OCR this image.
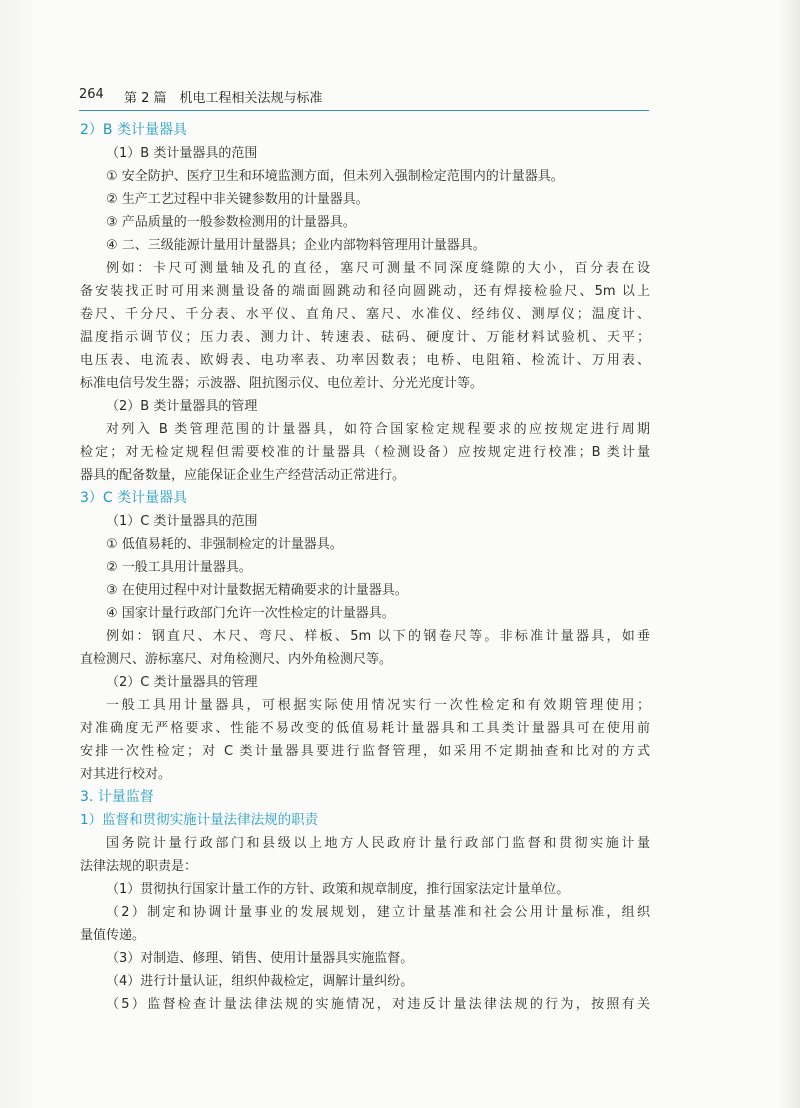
264 第 2 篇　机电工程相关法规与标准
2）B 类计量器具
（1）B 类计量器具的范围
① 安全防护、医疗卫生和环境监测方面，但未列入强制检定范围内的计量器具。
② 生产工艺过程中非关键参数用的计量器具。
③ 产品质量的一般参数检测用的计量器具。
④ 二、三级能源计量用计量器具；企业内部物料管理用计量器具。
例如：卡尺可测量轴及孔的直径，塞尺可测量不同深度缝隙的大小，百分表在设
备安装找正时可用来测量设备的端面圆跳动和径向圆跳动，还有焊接检验尺、5m 以上
卷尺、千分尺、千分表、水平仪、直角尺、塞尺、水准仪、经纬仪、测厚仪；温度计、
温度指示调节仪；压力表、测力计、转速表、砝码、硬度计、万能材料试验机、天平；
电压表、电流表、欧姆表、电功率表、功率因数表；电桥、电阻箱、检流计、万用表、
标准电信号发生器；示波器、阻抗图示仪、电位差计、分光光度计等。
（2）B 类计量器具的管理
对列入 B 类管理范围的计量器具，如符合国家检定规程要求的应按规定进行周期
检定；对无检定规程但需要校准的计量器具（检测设备）应按规定进行校准；B 类计量
器具的配备数量，应能保证企业生产经营活动正常进行。
3）C 类计量器具
（1）C 类计量器具的范围
① 低值易耗的、非强制检定的计量器具。
② 一般工具用计量器具。
③ 在使用过程中对计量数据无精确要求的计量器具。
④ 国家计量行政部门允许一次性检定的计量器具。
例如：钢直尺、木尺、弯尺、样板、5m 以下的钢卷尺等。非标准计量器具，如垂
直检测尺、游标塞尺、对角检测尺、内外角检测尺等。
（2）C 类计量器具的管理
一般工具用计量器具，可根据实际使用情况实行一次性检定和有效期管理使用；
对准确度无严格要求、性能不易改变的低值易耗计量器具和工具类计量器具可在使用前
安排一次性检定；对 C 类计量器具要进行监督管理，如采用不定期抽查和比对的方式
对其进行校对。
3. 计量监督
1）监督和贯彻实施计量法律法规的职责
国务院计量行政部门和县级以上地方人民政府计量行政部门监督和贯彻实施计量
法律法规的职责是：
（1）贯彻执行国家计量工作的方针、政策和规章制度，推行国家法定计量单位。
（2）制定和协调计量事业的发展规划，建立计量基准和社会公用计量标准，组织
量值传递。
（3）对制造、修理、销售、使用计量器具实施监督。
（4）进行计量认证，组织仲裁检定，调解计量纠纷。
（5）监督检查计量法律法规的实施情况，对违反计量法律法规的行为，按照有关
